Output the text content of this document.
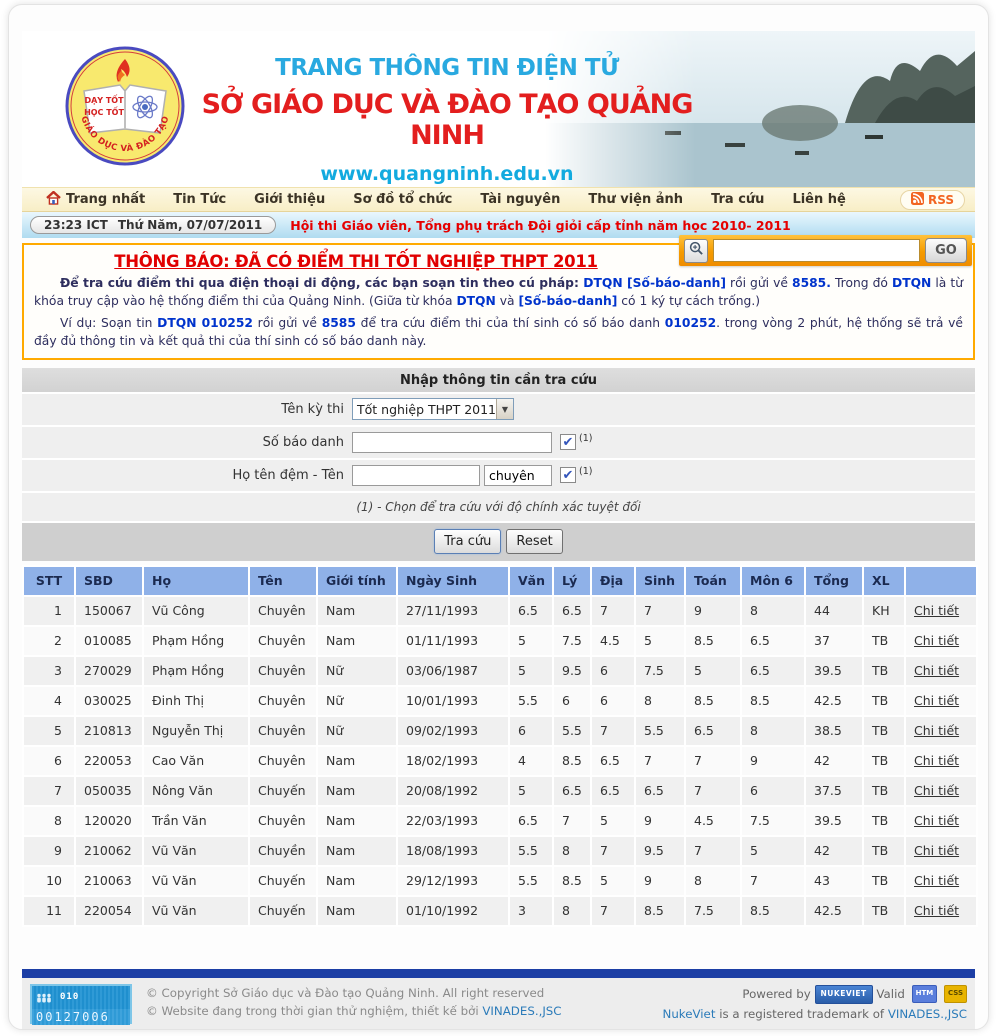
DẠY TỐT
HỌC TỐT
GIÁO DỤC VÀ ĐÀO TẠO
TRANG THÔNG TIN ĐIỆN TỬ
SỞ GIÁO DỤC VÀ ĐÀO TẠO QUẢNG NINH
www.quangninh.edu.vn
Trang nhất Tin Tức Giới thiệu Sơ đồ tổ chức Tài nguyên Thư viện ảnh Tra cứu Liên hệ	RSS
23:23 ICT Thứ Năm, 07/07/2011 Hội thi Giáo viên, Tổng phụ trách Đội giỏi cấp tỉnh năm học 2010- 2011
GO
THÔNG BÁO: ĐÃ CÓ ĐIỂM THI TỐT NGHIỆP THPT 2011
Để tra cứu điểm thi qua điện thoại di động, các bạn soạn tin theo cú pháp: DTQN [Số-báo-danh] rồi gửi về 8585. Trong đó DTQN là từ khóa truy cập vào hệ thống điểm thi của Quảng Ninh. (Giữa từ khóa DTQN và [Số-báo-danh] có 1 ký tự cách trống.)
Ví dụ: Soạn tin DTQN 010252 rồi gửi về 8585 để tra cứu điểm thi của thí sinh có số báo danh 010252. trong vòng 2 phút, hệ thống sẽ trả về đầy đủ thông tin và kết quả thi của thí sinh có số báo danh này.
Nhập thông tin cần tra cứu
Tên kỳ thi	Tốt nghiệp THPT 2011 ▼
Số báo danh	✔ (1)
Họ tên đệm - Tên
chuyên	✔ (1)
(1) - Chọn để tra cứu với độ chính xác tuyệt đối
Tra cứu	Reset
STT	SBD	Họ	Tên	Giới tính	Ngày Sinh	Văn	Lý	Địa	Sinh	Toán	Môn 6	Tổng	XL	
1	150067	Vũ Công	Chuyên	Nam	27/11/1993	6.5	6.5	7	7	9	8	44	KH	Chi tiết
2	010085	Phạm Hồng	Chuyên	Nam	01/11/1993	5	7.5	4.5	5	8.5	6.5	37	TB	Chi tiết
3	270029	Phạm Hồng	Chuyên	Nữ	03/06/1987	5	9.5	6	7.5	5	6.5	39.5	TB	Chi tiết
4	030025	Đinh Thị	Chuyên	Nữ	10/01/1993	5.5	6	6	8	8.5	8.5	42.5	TB	Chi tiết
5	210813	Nguyễn Thị	Chuyên	Nữ	09/02/1993	6	5.5	7	5.5	6.5	8	38.5	TB	Chi tiết
6	220053	Cao Văn	Chuyên	Nam	18/02/1993	4	8.5	6.5	7	7	9	42	TB	Chi tiết
7	050035	Nông Văn	Chuyến	Nam	20/08/1992	5	6.5	6.5	6.5	7	6	37.5	TB	Chi tiết
8	120020	Trần Văn	Chuyên	Nam	22/03/1993	6.5	7	5	9	4.5	7.5	39.5	TB	Chi tiết
9	210062	Vũ Văn	Chuyền	Nam	18/08/1993	5.5	8	7	9.5	7	5	42	TB	Chi tiết
10	210063	Vũ Văn	Chuyến	Nam	29/12/1993	5.5	8.5	5	9	8	7	43	TB	Chi tiết
11	220054	Vũ Văn	Chuyến	Nam	01/10/1992	3	8	7	8.5	7.5	8.5	42.5	TB	Chi tiết
010
00127006
© Copyright Sở Giáo dục và Đào tạo Quảng Ninh. All right reserved
© Website đang trong thời gian thử nghiệm, thiết kế bởi VINADES.,JSC
Powered by NUKEVIET Valid HTM CSS
NukeViet is a registered trademark of VINADES.,JSC
